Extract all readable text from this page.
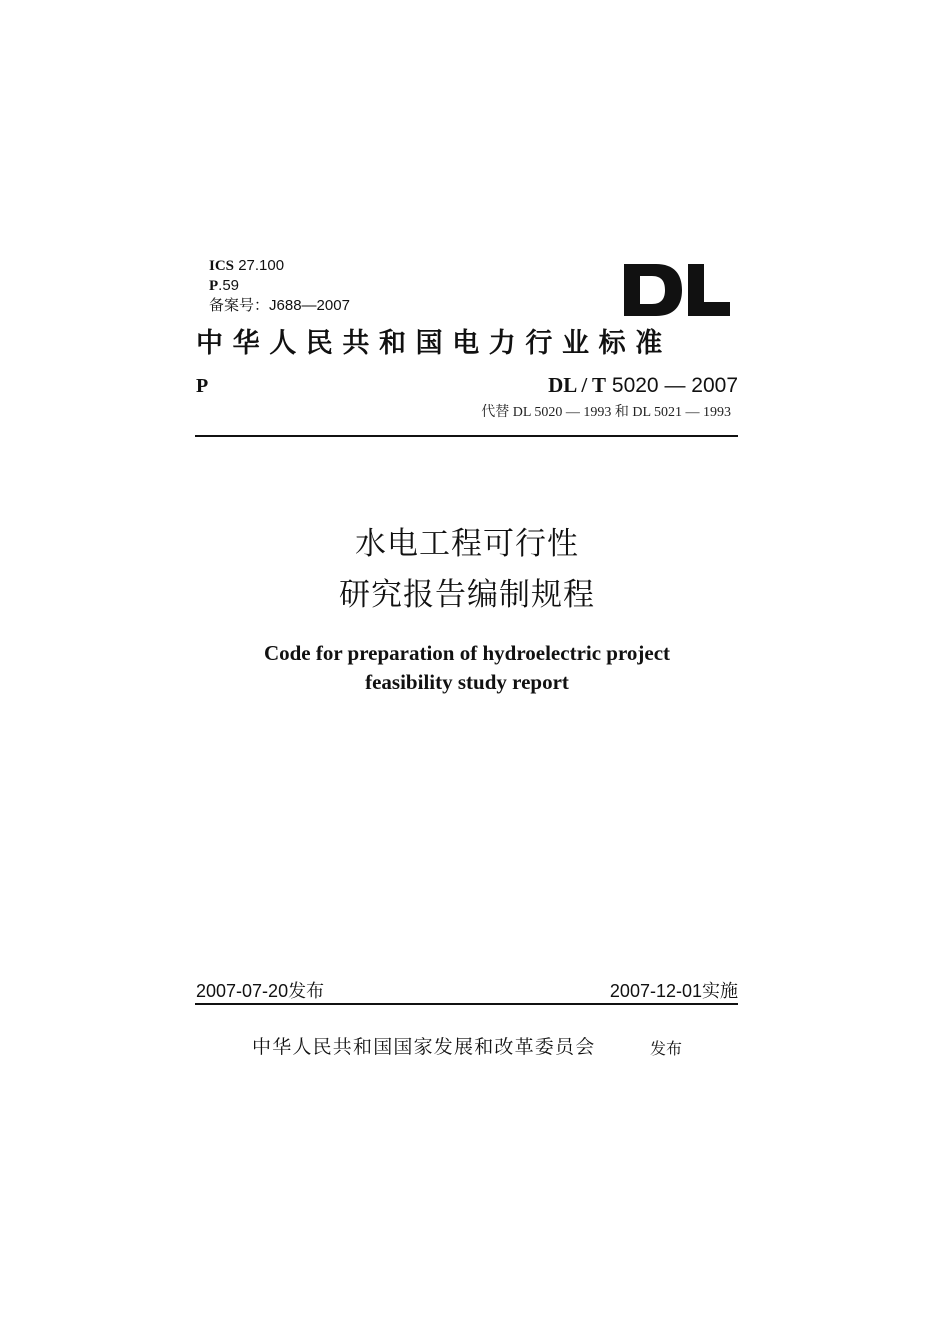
ICS 27.100
P.59
备案号：J688—2007
中华人民共和国电力行业标准
P	DL / T 5020 — 2007
代替 DL 5020 — 1993 和 DL 5021 — 1993
水电工程可行性
研究报告编制规程
Code for preparation of hydroelectric project
feasibility study report
2007-07-20发布	2007-12-01实施
中华人民共和国国家发展和改革委员会	发布
